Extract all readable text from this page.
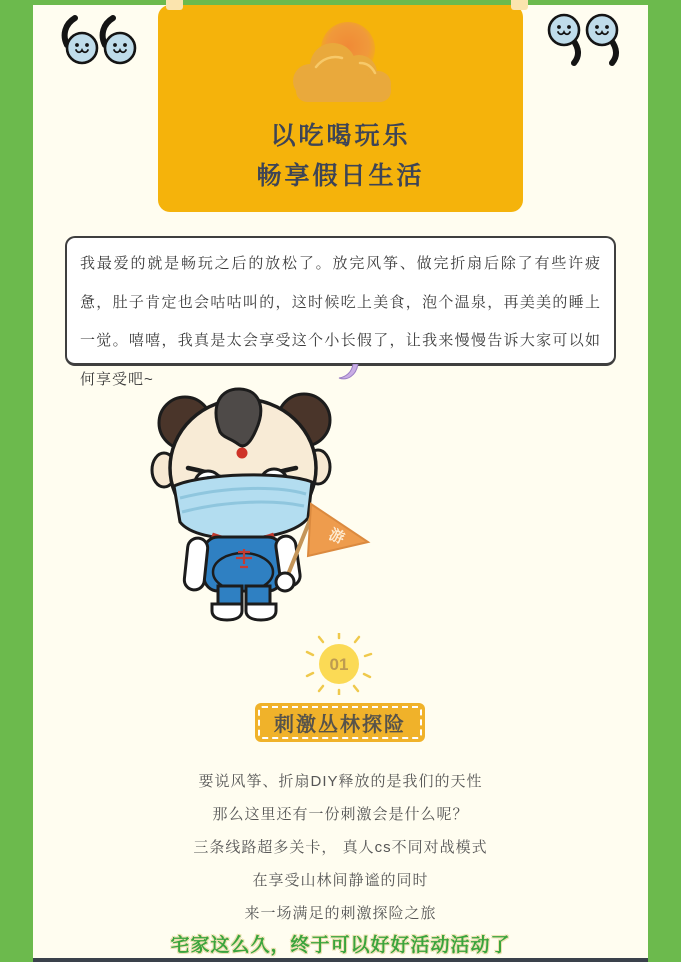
以吃喝玩乐
畅享假日生活

我最爱的就是畅玩之后的放松了。放完风筝、做完折扇后除了有些许疲惫，肚子肯定也会咕咕叫的，这时候吃上美食，泡个温泉，再美美的睡上一觉。嘻嘻，我真是太会享受这个小长假了，让我来慢慢告诉大家可以如何享受吧~

游
01
刺激丛林探险

要说风筝、折扇DIY释放的是我们的天性

那么这里还有一份刺激会是什么呢？

三条线路超多关卡， 真人cs不同对战模式

在享受山林间静谧的同时

来一场满足的刺激探险之旅

宅家这么久，终于可以好好活动活动了
